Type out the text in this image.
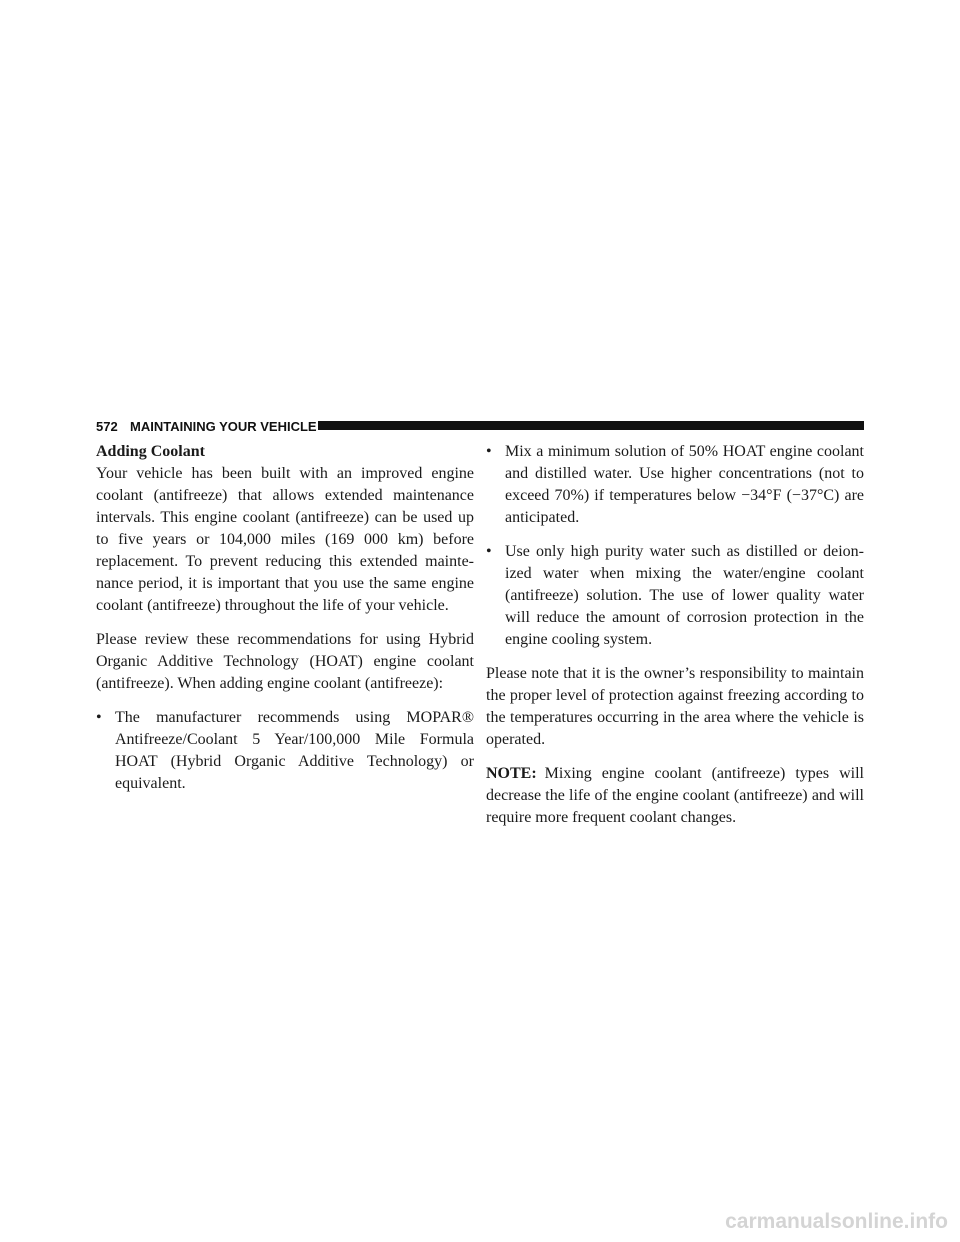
572 MAINTAINING YOUR VEHICLE
Adding Coolant

Your vehicle has been built with an improved engine coolant (antifreeze) that allows extended maintenance intervals. This engine coolant (antifreeze) can be used up to five years or 104,000 miles (169 000 km) before replacement. To prevent reducing this extended maintenance period, it is important that you use the same engine coolant (antifreeze) throughout the life of your vehicle.

Please review these recommendations for using Hybrid Organic Additive Technology (HOAT) engine coolant (antifreeze). When adding engine coolant (antifreeze):

• The manufacturer recommends using MOPAR® Antifreeze/Coolant 5 Year/100,000 Mile Formula HOAT (Hybrid Organic Additive Technology) or equivalent.
• Mix a minimum solution of 50% HOAT engine coolant and distilled water. Use higher concentrations (not to exceed 70%) if temperatures below −34°F (−37°C) are anticipated.
• Use only high purity water such as distilled or deionized water when mixing the water/engine coolant (antifreeze) solution. The use of lower quality water will reduce the amount of corrosion protection in the engine cooling system.

Please note that it is the owner’s responsibility to maintain the proper level of protection against freezing according to the temperatures occurring in the area where the vehicle is operated.

NOTE: Mixing engine coolant (antifreeze) types will decrease the life of the engine coolant (antifreeze) and will require more frequent coolant changes.

carmanualsonline.info
